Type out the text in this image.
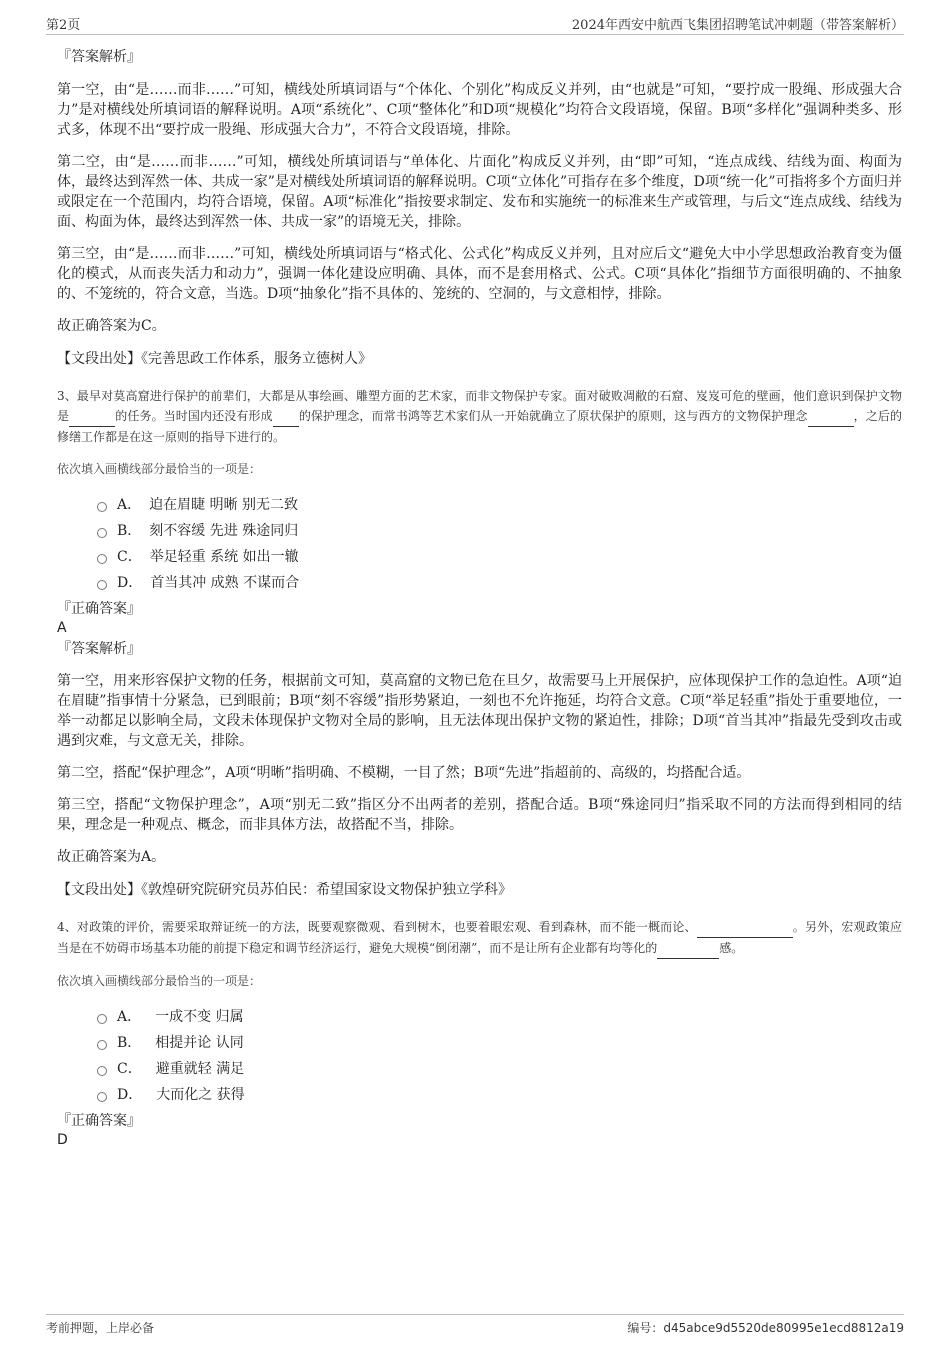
第2页	2024年西安中航西飞集团招聘笔试冲刺题（带答案解析）

『答案解析』

第一空，由“是……而非……”可知，横线处所填词语与“个体化、个别化”构成反义并列，由“也就是”可知，“要拧成一股绳、形成强大合力”是对横线处所填词语的解释说明。A项“系统化”、C项“整体化”和D项“规模化”均符合文段语境，保留。B项“多样化”强调种类多、形式多，体现不出“要拧成一股绳、形成强大合力”，不符合文段语境，排除。

第二空，由“是……而非……”可知，横线处所填词语与“单体化、片面化”构成反义并列，由“即”可知，“连点成线、结线为面、构面为体，最终达到浑然一体、共成一家”是对横线处所填词语的解释说明。C项“立体化”可指存在多个维度，D项“统一化”可指将多个方面归并或限定在一个范围内，均符合语境，保留。A项“标准化”指按要求制定、发布和实施统一的标准来生产或管理，与后文“连点成线、结线为面、构面为体，最终达到浑然一体、共成一家”的语境无关，排除。

第三空，由“是……而非……”可知，横线处所填词语与“格式化、公式化”构成反义并列，且对应后文“避免大中小学思想政治教育变为僵化的模式，从而丧失活力和动力”，强调一体化建设应明确、具体，而不是套用格式、公式。C项“具体化”指细节方面很明确的、不抽象的、不笼统的，符合文意，当选。D项“抽象化”指不具体的、笼统的、空洞的，与文意相悖，排除。

故正确答案为C。

【文段出处】《完善思政工作体系，服务立德树人》

3、最早对莫高窟进行保护的前辈们，大都是从事绘画、雕塑方面的艺术家，而非文物保护专家。面对破败凋敝的石窟、岌岌可危的壁画，他们意识到保护文物是	的任务。当时国内还没有形成 的保护理念，而常书鸿等艺术家们从一开始就确立了原状保护的原则，这与西方的文物保护理念	，之后的修缮工作都是在这一原则的指导下进行的。

依次填入画横线部分最恰当的一项是：

A． 迫在眉睫 明晰 别无二致
B． 刻不容缓 先进 殊途同归
C． 举足轻重 系统 如出一辙
D． 首当其冲 成熟 不谋而合

『正确答案』

A

『答案解析』

第一空，用来形容保护文物的任务，根据前文可知，莫高窟的文物已危在旦夕，故需要马上开展保护，应体现保护工作的急迫性。A项“迫在眉睫”指事情十分紧急，已到眼前；B项“刻不容缓”指形势紧迫，一刻也不允许拖延，均符合文意。C项“举足轻重”指处于重要地位，一举一动都足以影响全局，文段未体现保护文物对全局的影响，且无法体现出保护文物的紧迫性，排除；D项“首当其冲”指最先受到攻击或遇到灾难，与文意无关，排除。

第二空，搭配“保护理念”，A项“明晰”指明确、不模糊，一目了然；B项“先进”指超前的、高级的，均搭配合适。

第三空，搭配“文物保护理念”，A项“别无二致”指区分不出两者的差别，搭配合适。B项“殊途同归”指采取不同的方法而得到相同的结果，理念是一种观点、概念，而非具体方法，故搭配不当，排除。

故正确答案为A。

【文段出处】《敦煌研究院研究员苏伯民：希望国家设文物保护独立学科》

4、对政策的评价，需要采取辩证统一的方法，既要观察微观、看到树木，也要着眼宏观、看到森林，而不能一概而论、	。另外，宏观政策应当是在不妨碍市场基本功能的前提下稳定和调节经济运行，避免大规模“倒闭潮”，而不是让所有企业都有均等化的	感。

依次填入画横线部分最恰当的一项是：

A． 一成不变 归属
B． 相提并论 认同
C． 避重就轻 满足
D． 大而化之 获得

『正确答案』

D

考前押题，上岸必备	编号：d45abce9d5520de80995e1ecd8812a19
